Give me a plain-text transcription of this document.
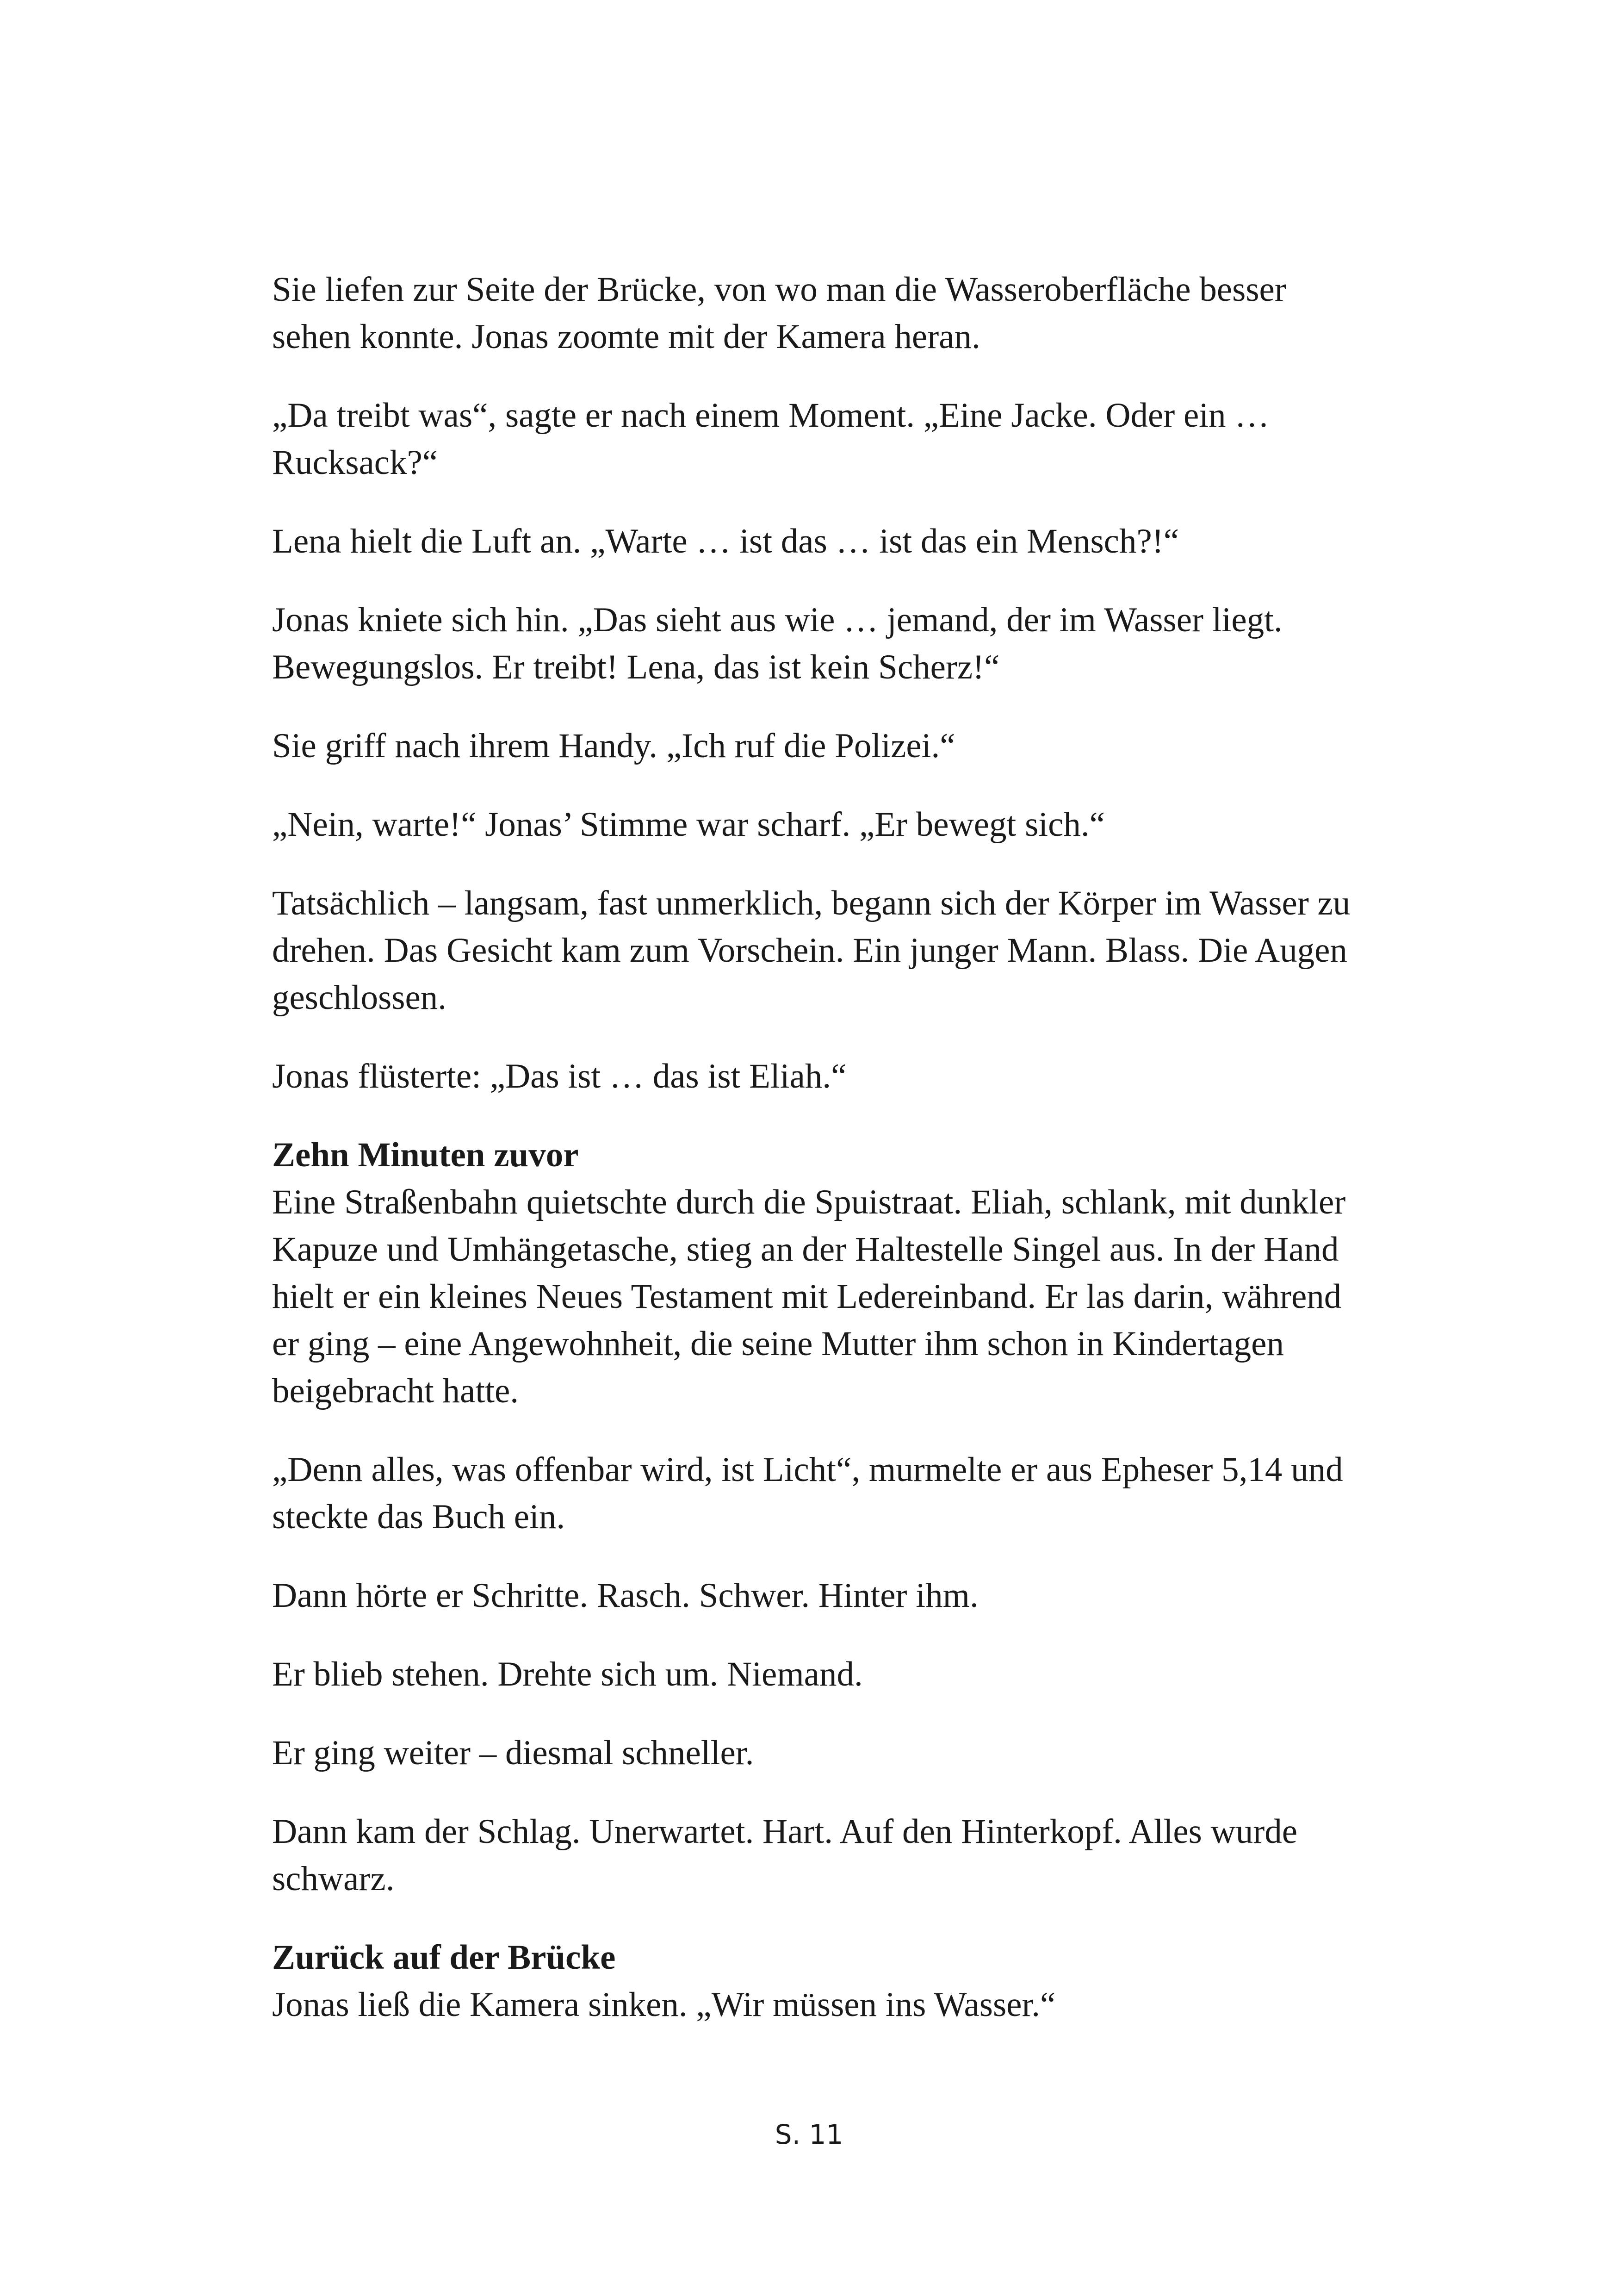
Sie liefen zur Seite der Brücke, von wo man die Wasseroberfläche besser sehen konnte. Jonas zoomte mit der Kamera heran.

„Da treibt was“, sagte er nach einem Moment. „Eine Jacke. Oder ein … Rucksack?“

Lena hielt die Luft an. „Warte … ist das … ist das ein Mensch?!“

Jonas kniete sich hin. „Das sieht aus wie … jemand, der im Wasser liegt. Bewegungslos. Er treibt! Lena, das ist kein Scherz!“

Sie griff nach ihrem Handy. „Ich ruf die Polizei.“

„Nein, warte!“ Jonas’ Stimme war scharf. „Er bewegt sich.“

Tatsächlich – langsam, fast unmerklich, begann sich der Körper im Wasser zu drehen. Das Gesicht kam zum Vorschein. Ein junger Mann. Blass. Die Augen geschlossen.

Jonas flüsterte: „Das ist … das ist Eliah.“

Zehn Minuten zuvor

Eine Straßenbahn quietschte durch die Spuistraat. Eliah, schlank, mit dunkler Kapuze und Umhängetasche, stieg an der Haltestelle Singel aus. In der Hand hielt er ein kleines Neues Testament mit Ledereinband. Er las darin, während er ging – eine Angewohnheit, die seine Mutter ihm schon in Kindertagen beigebracht hatte.

„Denn alles, was offenbar wird, ist Licht“, murmelte er aus Epheser 5,14 und steckte das Buch ein.

Dann hörte er Schritte. Rasch. Schwer. Hinter ihm.

Er blieb stehen. Drehte sich um. Niemand.

Er ging weiter – diesmal schneller.

Dann kam der Schlag. Unerwartet. Hart. Auf den Hinterkopf. Alles wurde schwarz.

Zurück auf der Brücke

Jonas ließ die Kamera sinken. „Wir müssen ins Wasser.“

S. 11
